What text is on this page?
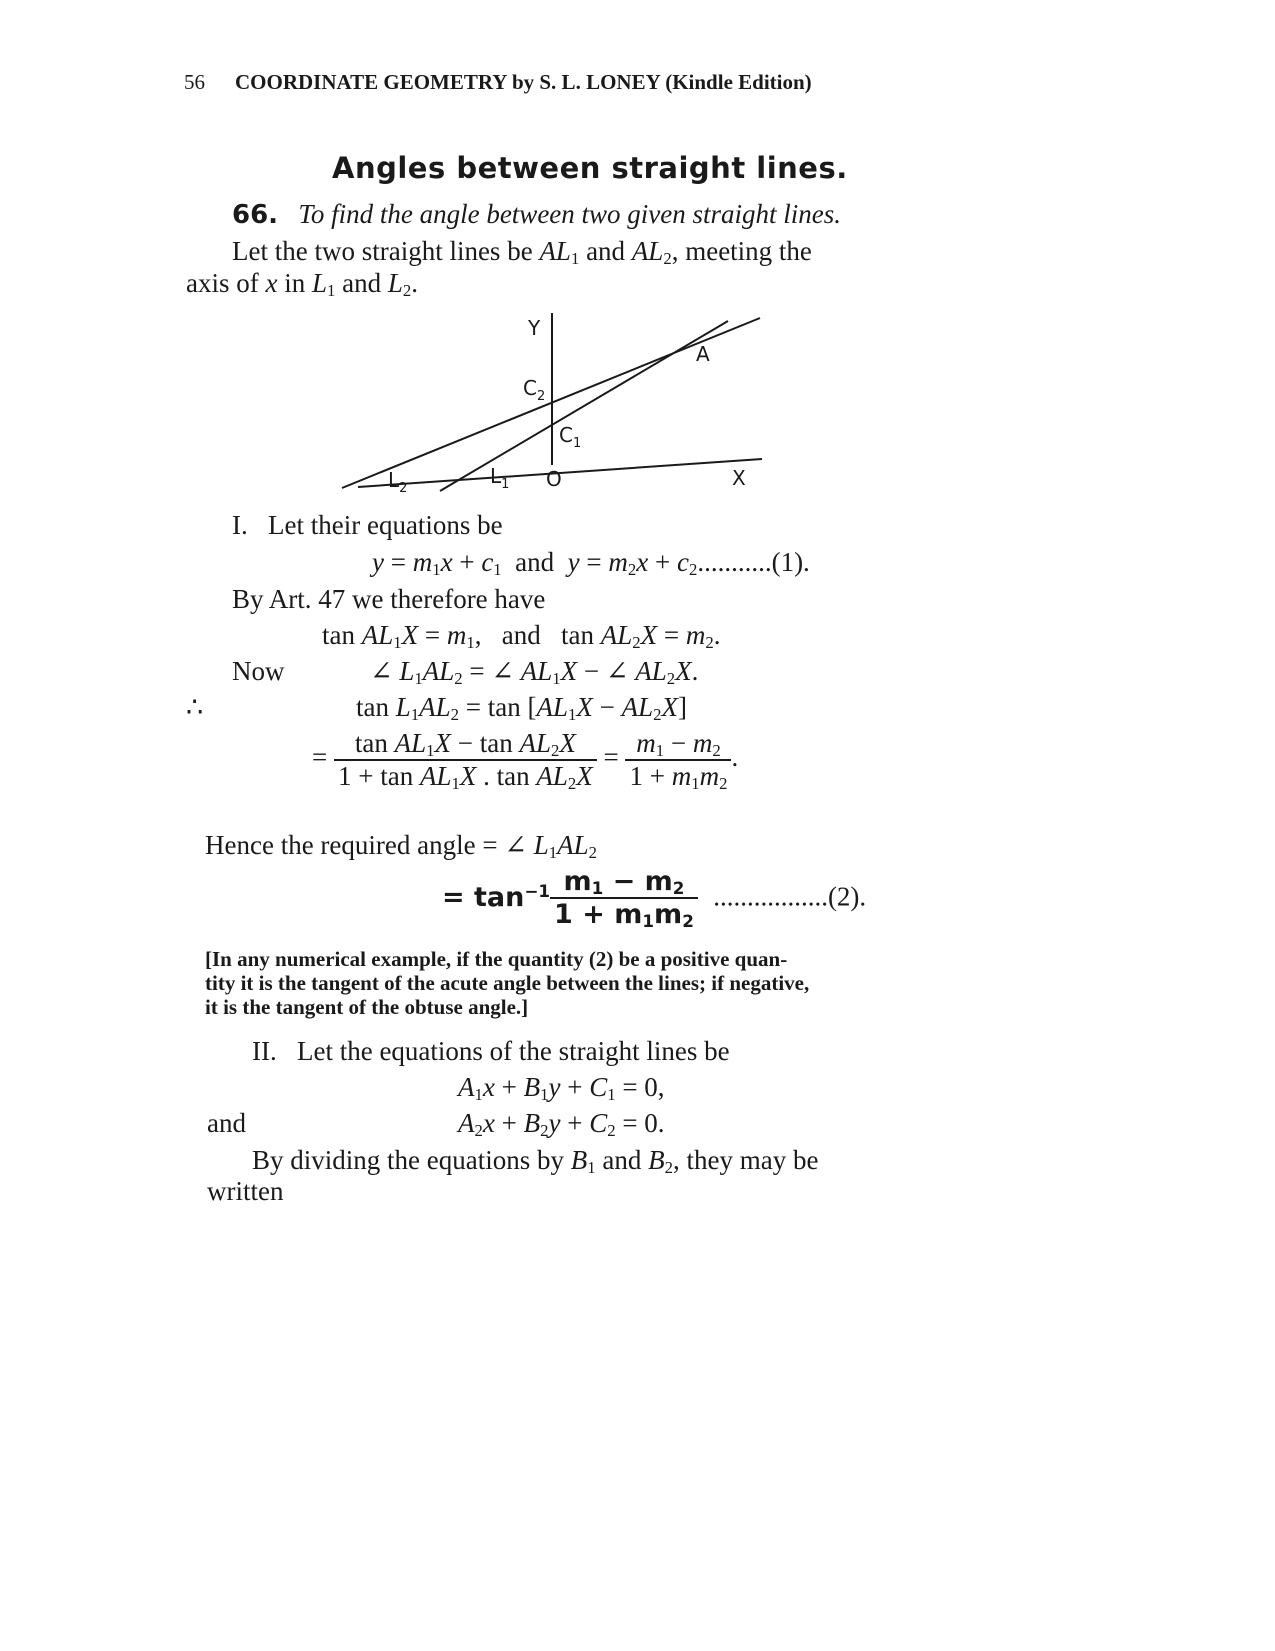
56 COORDINATE GEOMETRY by S. L. LONEY (Kindle Edition)
Angles between straight lines.
66. To find the angle between two given straight lines.
Let the two straight lines be $AL_1$ and $AL_2$, meeting the
axis of x in $L_1$ and $L_2$.
Y
A
$C_2$
$C_1$
$L_2$
$L_1$ O	X
I. Let their equations be
$y = m_1x + c_1$  and  $y = m_2x + c_2...........(1)$.
By Art. 47 we therefore have
$\tan AL_1X = m_1$,   and   $\tan AL_2X = m_2$.
Now	∠ $L_1AL_2$ = ∠ $AL_1X$ − ∠ $AL_2X$.
∴	$\tan L_1AL_2 = \tan [AL_1X - AL_2X]$
= $\frac{\tan AL_1X - \tan AL_2X}{1 + \tan AL_1X . \tan AL_2X} = \frac{m_1 - m_2}{1 + m_1m_2}$ .
Hence the required angle = ∠ $L_1AL_2$
= $\tan^{-1} \frac{m_1 - m_2}{1 + m_1m_2} .................(2)$.
[In any numerical example, if the quantity (2) be a positive quan-
tity it is the tangent of the acute angle between the lines; if negative,
it is the tangent of the obtuse angle.]
II. Let the equations of the straight lines be
$A_1x + B_1y + C_1 = 0$,
and	$A_2x + B_2y + C_2 = 0$.
By dividing the equations by $B_1$ and $B_2$, they may be
written
